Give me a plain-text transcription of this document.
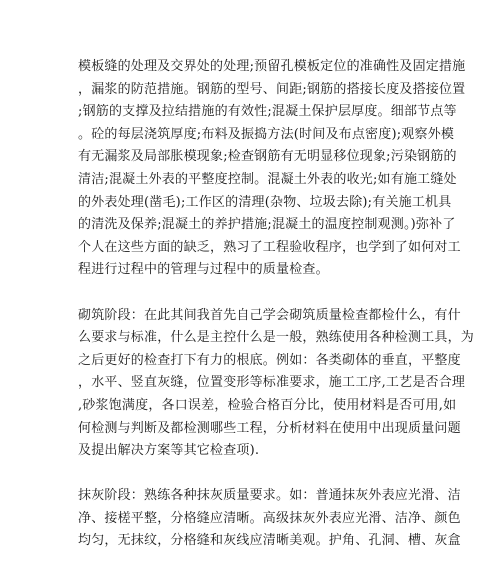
模板缝的处理及交界处的处理;预留孔模板定位的准确性及固定措施
，漏浆的防范措施。钢筋的型号、间距;钢筋的搭接长度及搭接位置
;钢筋的支撑及拉结措施的有效性;混凝土保护层厚度。细部节点等
。砼的每层浇筑厚度;布料及振捣方法(时间及布点密度);观察外模
有无漏浆及局部胀模现象;检查钢筋有无明显移位现象;污染钢筋的
清洁;混凝土外表的平整度控制。混凝土外表的收光;如有施工缝处
的外表处理(凿毛);工作区的清理(杂物、垃圾去除);有关施工机具
的清洗及保养;混凝土的养护措施;混凝土的温度控制观测。)弥补了
个人在这些方面的缺乏，熟习了工程验收程序，也学到了如何对工
程进行过程中的管理与过程中的质量检查。
砌筑阶段：在此其间我首先自己学会砌筑质量检查都检什么，有什
么要求与标准，什么是主控什么是一般，熟练使用各种检测工具，为
之后更好的检查打下有力的根底。例如：各类砌体的垂直，平整度
，水平、竖直灰缝，位置变形等标准要求，施工工序,工艺是否合理
,砂浆饱满度，各口误差，检验合格百分比，使用材料是否可用,如
何检测与判断及都检测哪些工程，分析材料在使用中出现质量问题
及提出解决方案等其它检查项).
抹灰阶段：熟练各种抹灰质量要求。如：普通抹灰外表应光滑、洁
净、接槎平整，分格缝应清晰。高级抹灰外表应光滑、洁净、颜色
均匀，无抹纹，分格缝和灰线应清晰美观。护角、孔洞、槽、灰盒
